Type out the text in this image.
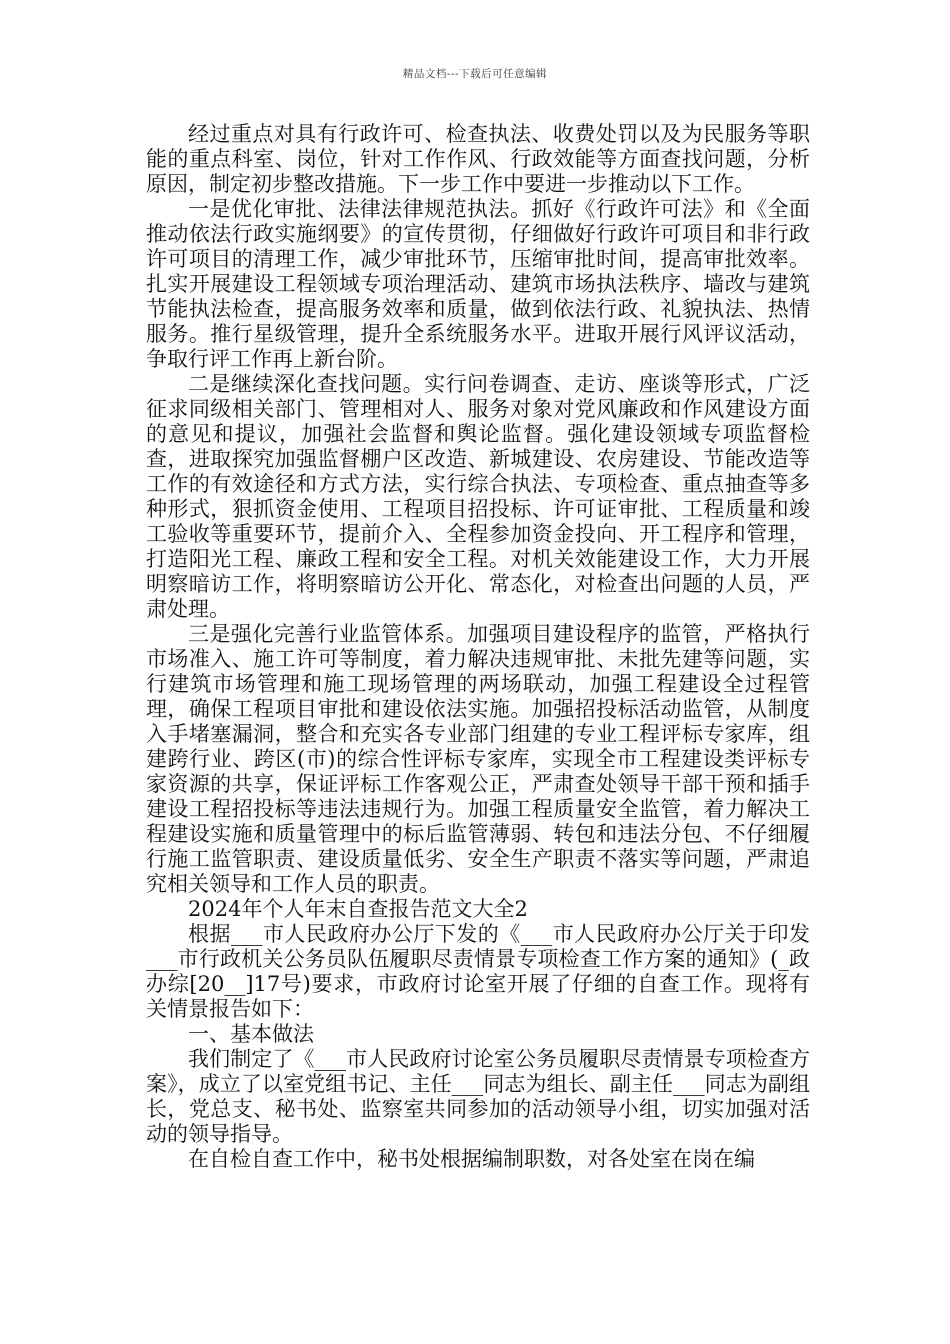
精品文档---下载后可任意编辑

经过重点对具有行政许可、检查执法、收费处罚以及为民服务等职能的重点科室、岗位，针对工作作风、行政效能等方面查找问题，分析原因，制定初步整改措施。下一步工作中要进一步推动以下工作。

一是优化审批、法律法律规范执法。抓好《行政许可法》和《全面推动依法行政实施纲要》的宣传贯彻，仔细做好行政许可项目和非行政许可项目的清理工作，减少审批环节，压缩审批时间，提高审批效率。扎实开展建设工程领域专项治理活动、建筑市场执法秩序、墙改与建筑节能执法检查，提高服务效率和质量，做到依法行政、礼貌执法、热情服务。推行星级管理，提升全系统服务水平。进取开展行风评议活动，争取行评工作再上新台阶。

二是继续深化查找问题。实行问卷调查、走访、座谈等形式，广泛征求同级相关部门、管理相对人、服务对象对党风廉政和作风建设方面的意见和提议，加强社会监督和舆论监督。强化建设领域专项监督检查，进取探究加强监督棚户区改造、新城建设、农房建设、节能改造等工作的有效途径和方式方法，实行综合执法、专项检查、重点抽查等多种形式，狠抓资金使用、工程项目招投标、许可证审批、工程质量和竣工验收等重要环节，提前介入、全程参加资金投向、开工程序和管理，打造阳光工程、廉政工程和安全工程。对机关效能建设工作，大力开展明察暗访工作，将明察暗访公开化、常态化，对检查出问题的人员，严肃处理。

三是强化完善行业监管体系。加强项目建设程序的监管，严格执行市场准入、施工许可等制度，着力解决违规审批、未批先建等问题，实行建筑市场管理和施工现场管理的两场联动，加强工程建设全过程管理，确保工程项目审批和建设依法实施。加强招投标活动监管，从制度入手堵塞漏洞，整合和充实各专业部门组建的专业工程评标专家库，组建跨行业、跨区(市)的综合性评标专家库，实现全市工程建设类评标专家资源的共享，保证评标工作客观公正，严肃查处领导干部干预和插手建设工程招投标等违法违规行为。加强工程质量安全监管，着力解决工程建设实施和质量管理中的标后监管薄弱、转包和违法分包、不仔细履行施工监管职责、建设质量低劣、安全生产职责不落实等问题，严肃追究相关领导和工作人员的职责。

2024年个人年末自查报告范文大全2

根据___市人民政府办公厅下发的《___市人民政府办公厅关于印发___市行政机关公务员队伍履职尽责情景专项检查工作方案的通知》(_政办综[20__]17号)要求，市政府讨论室开展了仔细的自查工作。现将有关情景报告如下：

一、基本做法

我们制定了《___市人民政府讨论室公务员履职尽责情景专项检查方案》，成立了以室党组书记、主任___同志为组长、副主任___同志为副组长，党总支、秘书处、监察室共同参加的活动领导小组，切实加强对活动的领导指导。

在自检自查工作中，秘书处根据编制职数，对各处室在岗在编
